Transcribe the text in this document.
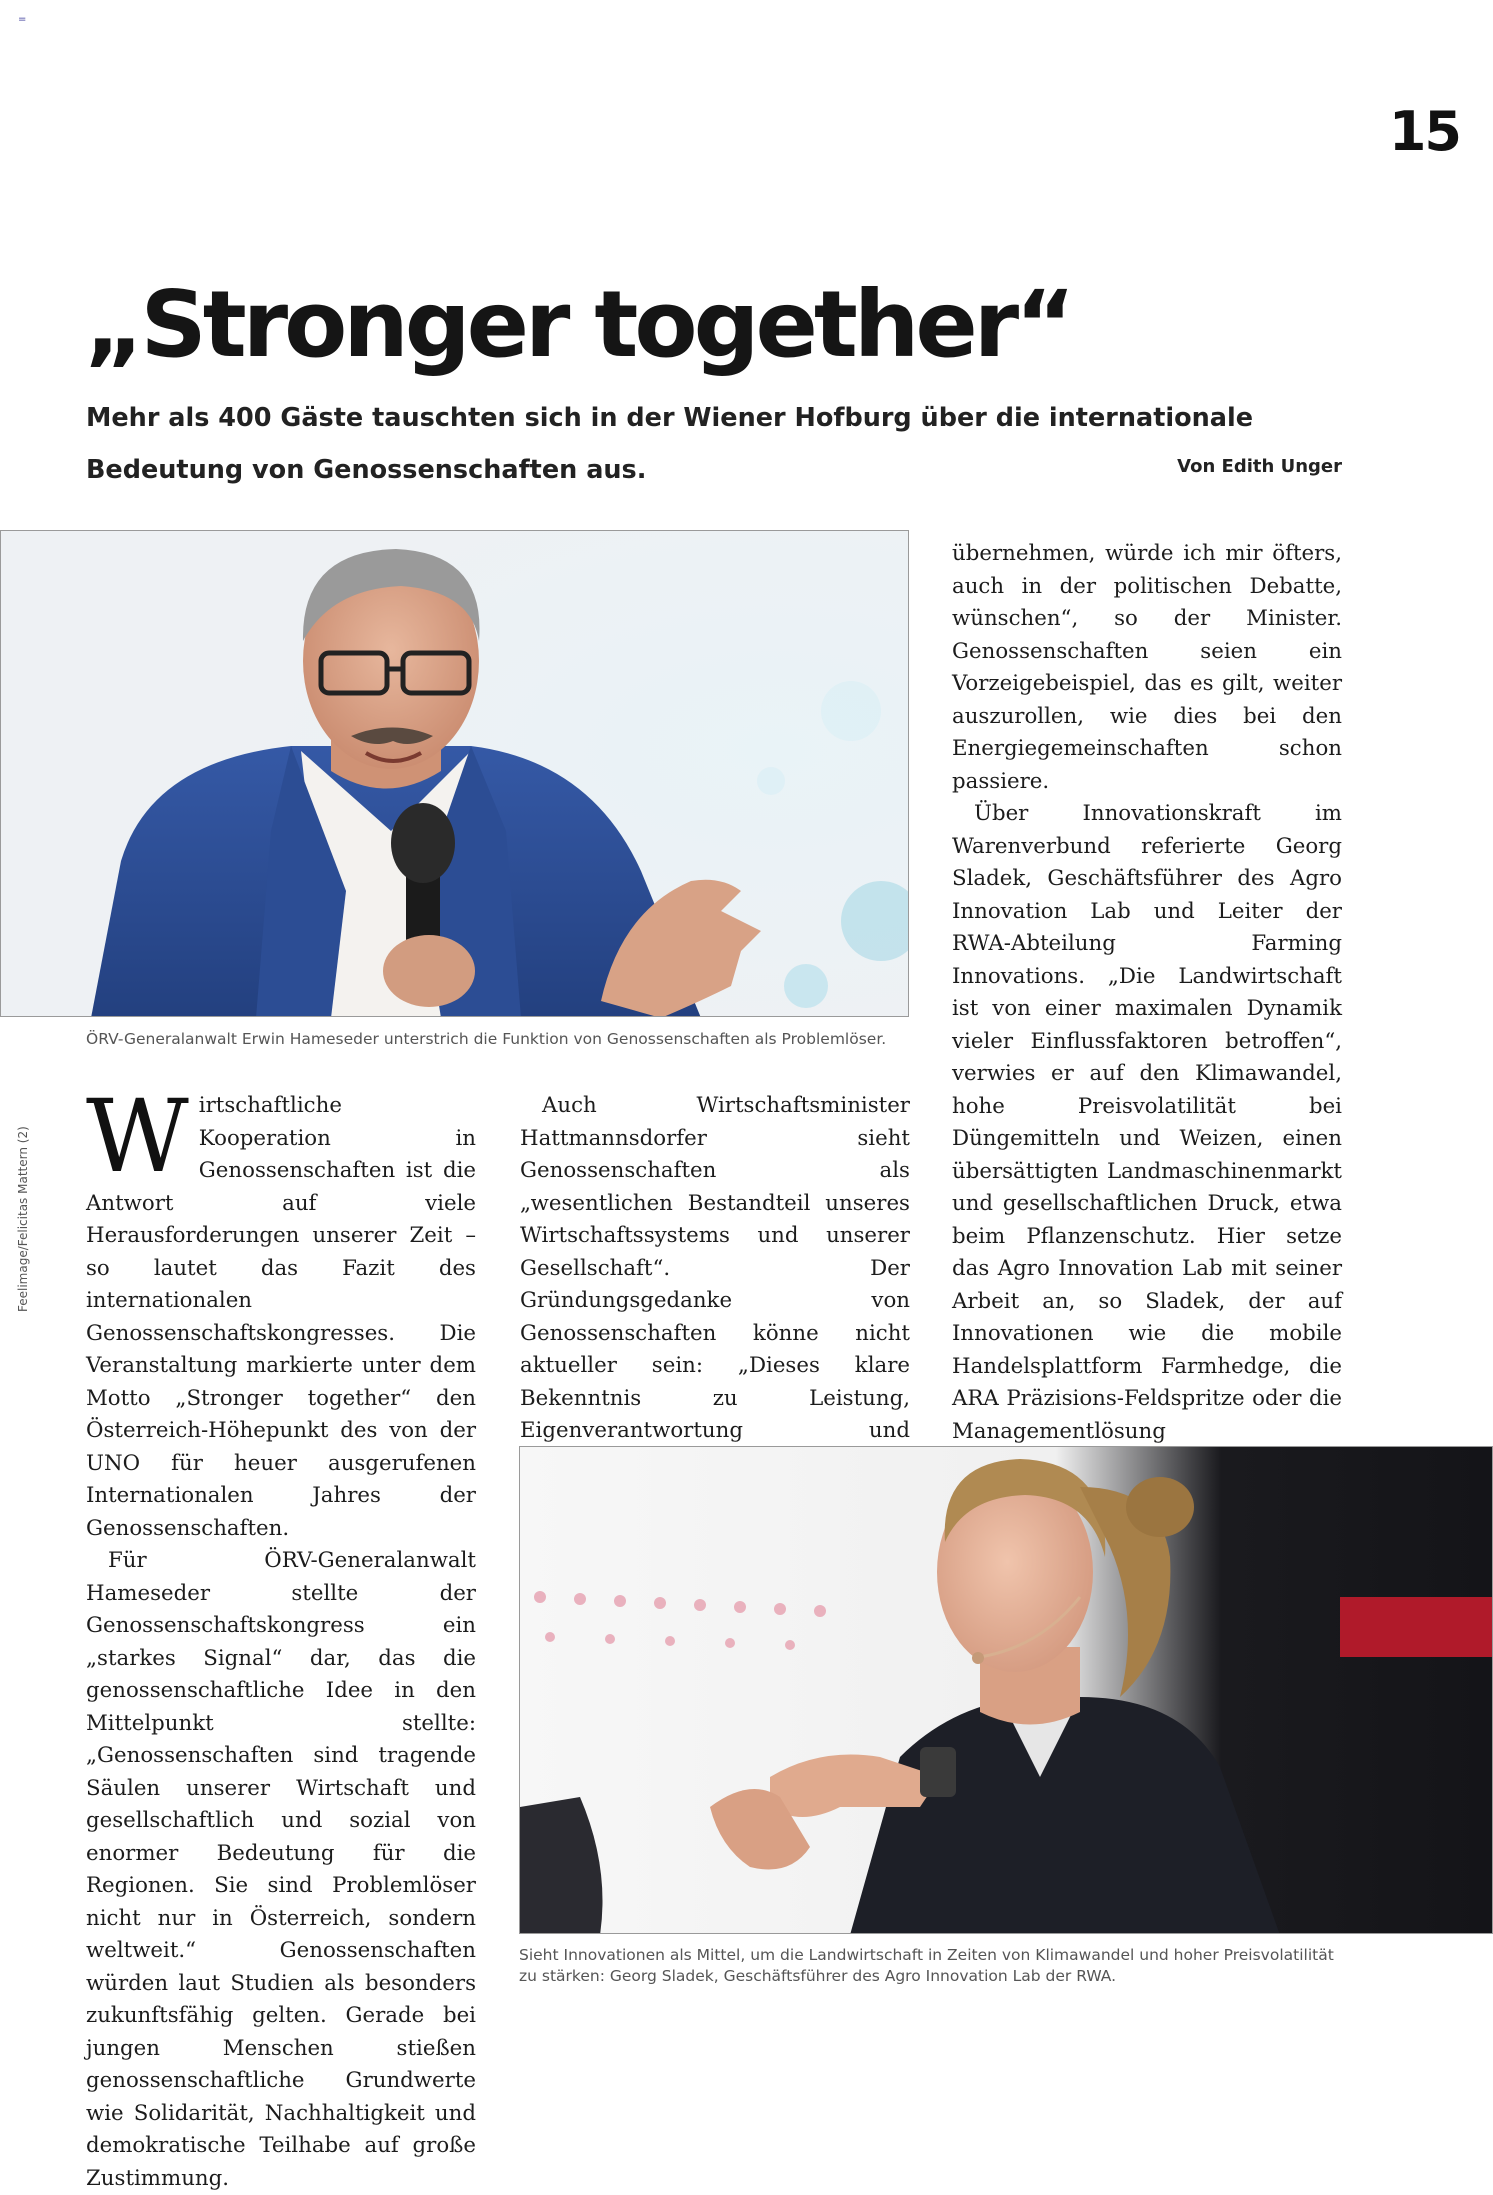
=
15
„Stronger together“
Mehr als 400 Gäste tauschten sich in der Wiener Hofburg über die internationale Bedeutung von Genossenschaften aus.	Von Edith Unger
ÖRV-Generalanwalt Erwin Hameseder unterstrich die Funktion von Genossenschaften als Problemlöser.
Feelimage/Felicitas Mattern (2) W irtschaftliche Kooperation in Genossenschaften ist die Antwort auf viele Herausforderungen unserer Zeit – so lautet das Fazit des internationalen Genossenschaftskongresses. Die Veranstaltung markierte unter dem Motto „Stronger together“ den Österreich-Höhepunkt des von der UNO für heuer ausgerufenen Internationalen Jahres der Genossenschaften.

Für ÖRV-Generalanwalt Hameseder stellte der Genossenschaftskongress ein „starkes Signal“ dar, das die genossenschaftliche Idee in den Mittelpunkt stellte: „Genossenschaften sind tragende Säulen unserer Wirtschaft und gesellschaftlich und sozial von enormer Bedeutung für die Regionen. Sie sind Problemlöser nicht nur in Österreich, sondern weltweit.“ Genossenschaften würden laut Studien als besonders zukunftsfähig gelten. Gerade bei jungen Menschen stießen genossenschaftliche Grundwerte wie Solidarität, Nachhaltigkeit und demokratische Teilhabe auf große Zustimmung.

Auch Wirtschaftsminister Hattmannsdorfer sieht Genossenschaften als „wesentlichen Bestandteil unseres Wirtschaftssystems und unserer Gesellschaft“. Der Gründungsgedanke von Genossenschaften könne nicht aktueller sein: „Dieses klare Bekenntnis zu Leistung, Eigenverantwortung und

übernehmen, würde ich mir öfters, auch in der politischen Debatte, wünschen“, so der Minister. Genossenschaften seien ein Vorzeigebeispiel, das es gilt, weiter auszurollen, wie dies bei den Energiegemeinschaften schon passiere.

Über Innovationskraft im Warenverbund referierte Georg Sladek, Geschäftsführer des Agro Innovation Lab und Leiter der RWA-Abteilung Farming Innovations. „Die Landwirtschaft ist von einer maximalen Dynamik vieler Einflussfaktoren betroffen“, verwies er auf den Klimawandel, hohe Preisvolatilität bei Düngemitteln und Weizen, einen übersättigten Landmaschinenmarkt und gesellschaftlichen Druck, etwa beim Pflanzenschutz. Hier setze das Agro Innovation Lab mit seiner Arbeit an, so Sladek, der auf Innovationen wie die mobile Handelsplattform Farmhedge, die ARA Präzisions-Feldspritze oder die Managementlösung

Sieht Innovationen als Mittel, um die Landwirtschaft in Zeiten von Klimawandel und hoher Preisvolatilität zu stärken: Georg Sladek, Geschäftsführer des Agro Innovation Lab der RWA.
